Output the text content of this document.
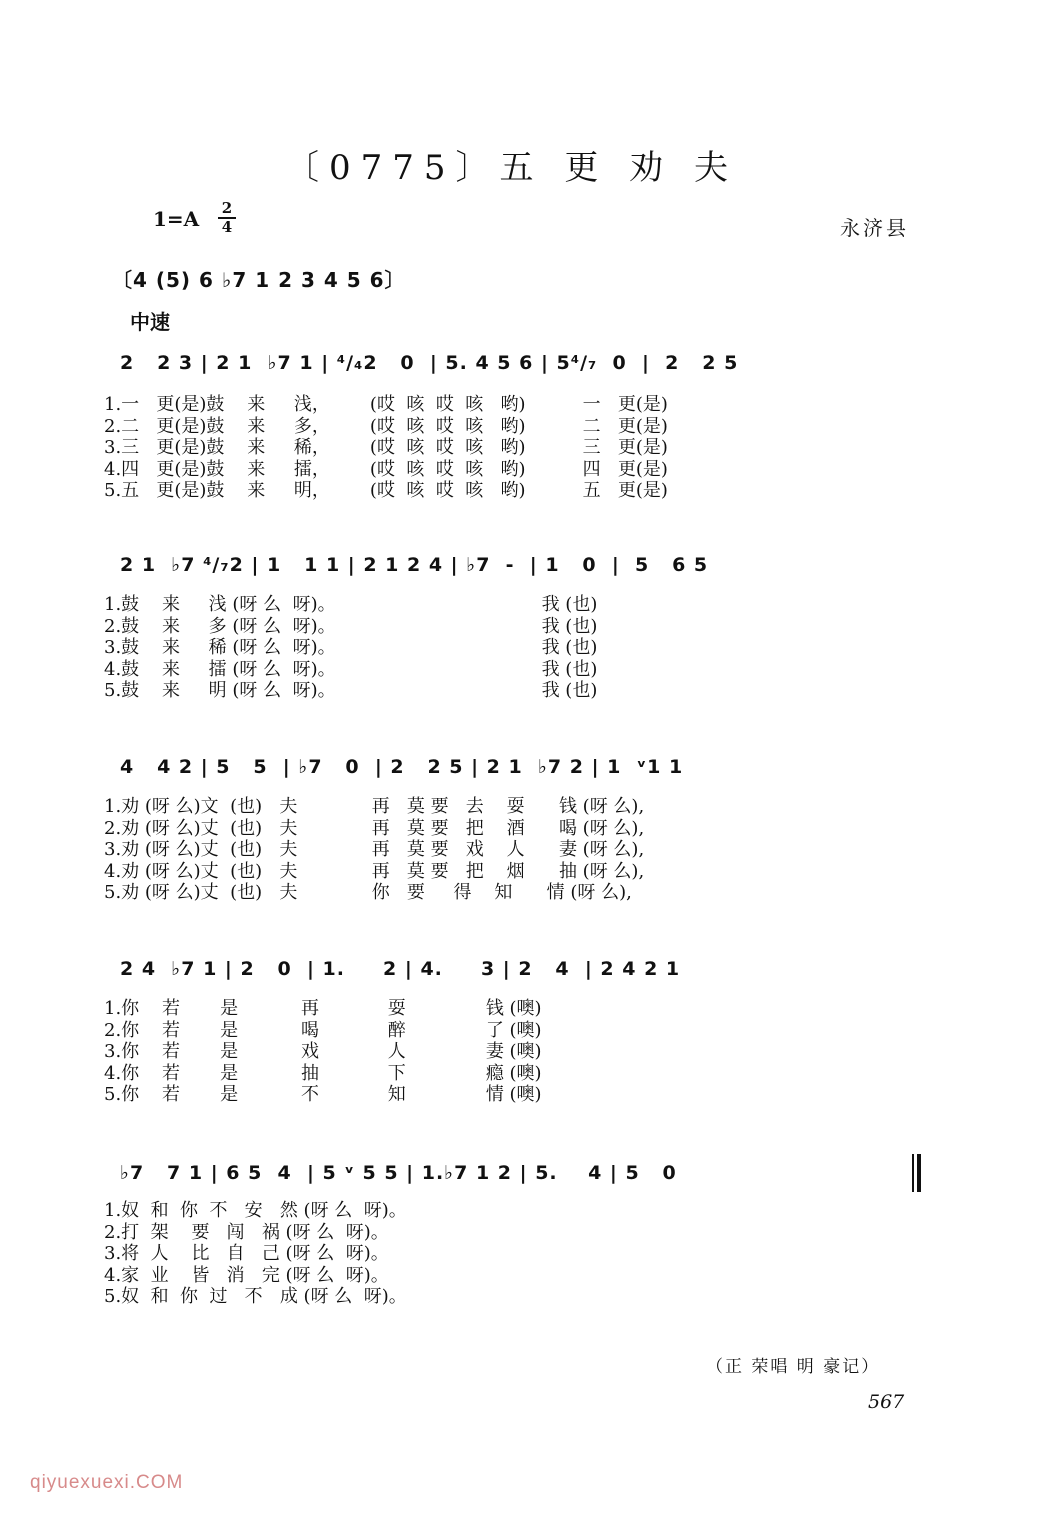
〔0775〕五 更 劝 夫
1=A 2
4	永济县
〔4 (5) 6 ♭7 1 2 3 4 5 6〕
中速
2   2 3 | 2 1  ♭7 1 | ⁴/₄2   0  | 5. 4 5 6 | 5⁴/₇  0  |  2   2 5
1.一   更(是)鼓    来     浅，       (哎  咳  哎  咳   哟)          一   更(是)
2.二   更(是)鼓    来     多，       (哎  咳  哎  咳   哟)          二   更(是)
3.三   更(是)鼓    来     稀，       (哎  咳  哎  咳   哟)          三   更(是)
4.四   更(是)鼓    来     擂，       (哎  咳  哎  咳   哟)          四   更(是)
5.五   更(是)鼓    来     明，       (哎  咳  哎  咳   哟)          五   更(是)
2 1  ♭7 ⁴/₇2 | 1   1 1 | 2 1 2 4 | ♭7  -  | 1   0  |  5   6 5
1.鼓    来     浅 (呀 么  呀)。                                    我 (也)
2.鼓    来     多 (呀 么  呀)。                                    我 (也)
3.鼓    来     稀 (呀 么  呀)。                                    我 (也)
4.鼓    来     擂 (呀 么  呀)。                                    我 (也)
5.鼓    来     明 (呀 么  呀)。                                    我 (也)
4   4 2 | 5   5  | ♭7   0  | 2   2 5 | 2 1  ♭7 2 | 1  ᵛ1 1
1.劝 (呀 么)文  (也)   夫             再   莫 要   去    耍      钱 (呀 么),
2.劝 (呀 么)丈  (也)   夫             再   莫 要   把    酒      喝 (呀 么),
3.劝 (呀 么)丈  (也)   夫             再   莫 要   戏    人      妻 (呀 么),
4.劝 (呀 么)丈  (也)   夫             再   莫 要   把    烟      抽 (呀 么),
5.劝 (呀 么)丈  (也)   夫             你   要     得    知      情 (呀 么),
2 4  ♭7 1 | 2   0  | 1.     2 | 4.     3 | 2   4  | 2 4 2 1
1.你    若       是           再            耍              钱 (噢)
2.你    若       是           喝            醉              了 (噢)
3.你    若       是           戏            人              妻 (噢)
4.你    若       是           抽            下              瘾 (噢)
5.你    若       是           不            知              情 (噢)
♭7   7 1 | 6 5  4  | 5 ᵛ 5 5 | 1.♭7 1 2 | 5.    4 | 5   0
1.奴  和  你  不   安   然 (呀 么  呀)。
2.打  架    要   闯   祸 (呀 么  呀)。
3.将  人    比   自   己 (呀 么  呀)。
4.家  业    皆   消   完 (呀 么  呀)。
5.奴  和  你  过   不   成 (呀 么  呀)。
（正 荣唱 明 豪记）
567
qiyuexuexi.COM
